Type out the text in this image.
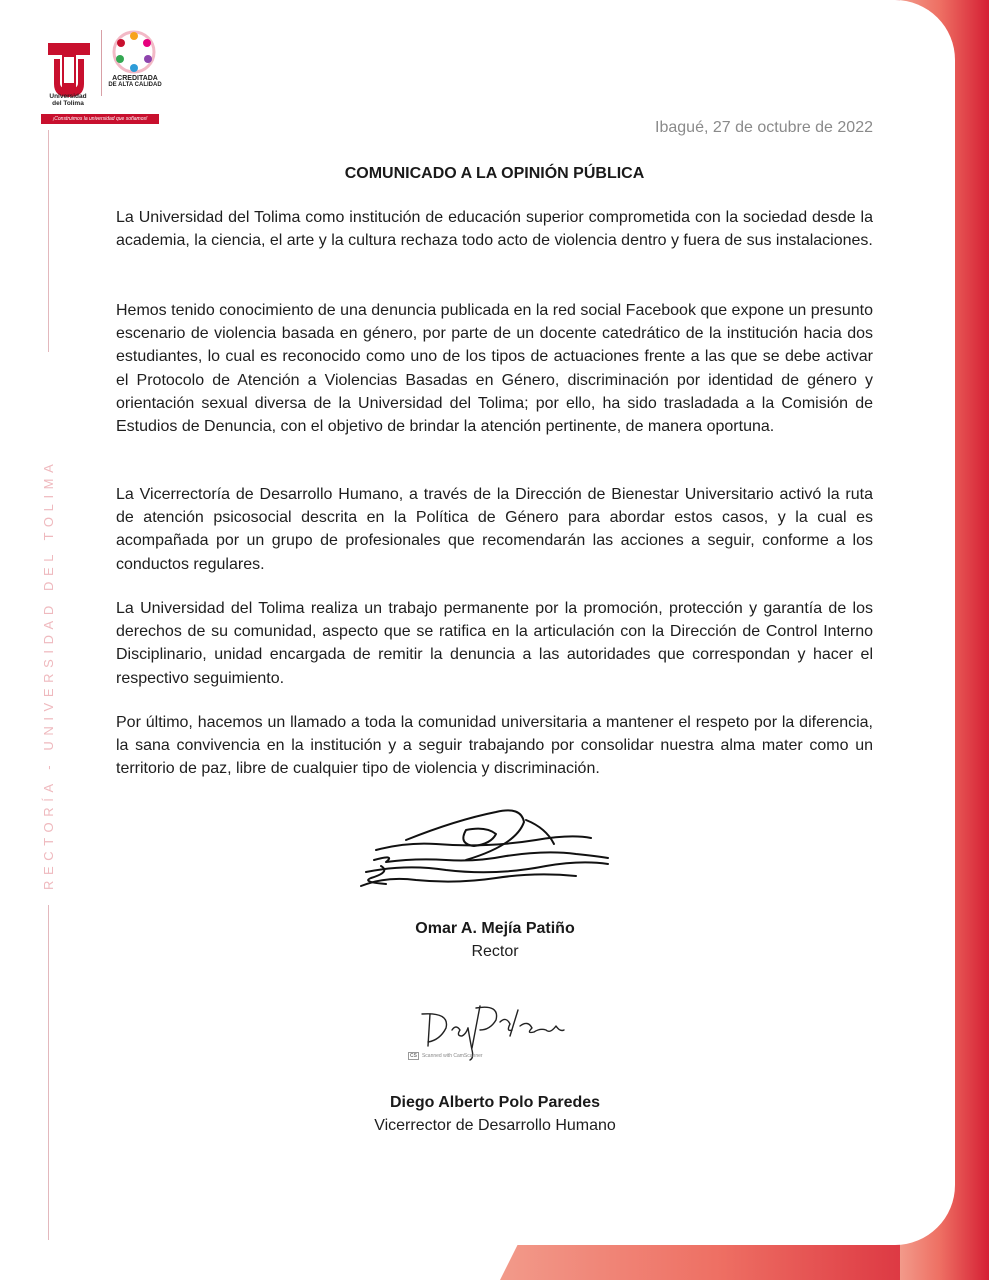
Universidad
del Tolima
ACREDITADA
DE ALTA CALIDAD
¡Construimos la universidad que soñamos!
RECTORÍA - UNIVERSIDAD DEL TOLIMA
Ibagué, 27 de octubre de 2022
COMUNICADO A LA OPINIÓN PÚBLICA

La Universidad del Tolima como institución de educación superior comprometida con la sociedad desde la academia, la ciencia, el arte y la cultura rechaza todo acto de violencia dentro y fuera de sus instalaciones.

Hemos tenido conocimiento de una denuncia publicada en la red social Facebook que expone un presunto escenario de violencia basada en género, por parte de un docente catedrático de la institución hacia dos estudiantes, lo cual es reconocido como uno de los tipos de actuaciones frente a las que se debe activar el Protocolo de Atención a Violencias Basadas en Género, discriminación por identidad de género y orientación sexual diversa de la Universidad del Tolima; por ello, ha sido trasladada a la Comisión de Estudios de Denuncia, con el objetivo de brindar la atención pertinente, de manera oportuna.

La Vicerrectoría de Desarrollo Humano, a través de la Dirección de Bienestar Universitario activó la ruta de atención psicosocial descrita en la Política de Género para abordar estos casos, y la cual es acompañada por un grupo de profesionales que recomendarán las acciones a seguir, conforme a los conductos regulares.

La Universidad del Tolima realiza un trabajo permanente por la promoción, protección y garantía de los derechos de su comunidad, aspecto que se ratifica en la articulación con la Dirección de Control Interno Disciplinario, unidad encargada de remitir la denuncia a las autoridades que correspondan y hacer el respectivo seguimiento.

Por último, hacemos un llamado a toda la comunidad universitaria a mantener el respeto por la diferencia, la sana convivencia en la institución y a seguir trabajando por consolidar nuestra alma mater como un territorio de paz, libre de cualquier tipo de violencia y discriminación.

Omar A. Mejía Patiño
Rector
CS	Scanned with CamScanner
Diego Alberto Polo Paredes
Vicerrector de Desarrollo Humano
